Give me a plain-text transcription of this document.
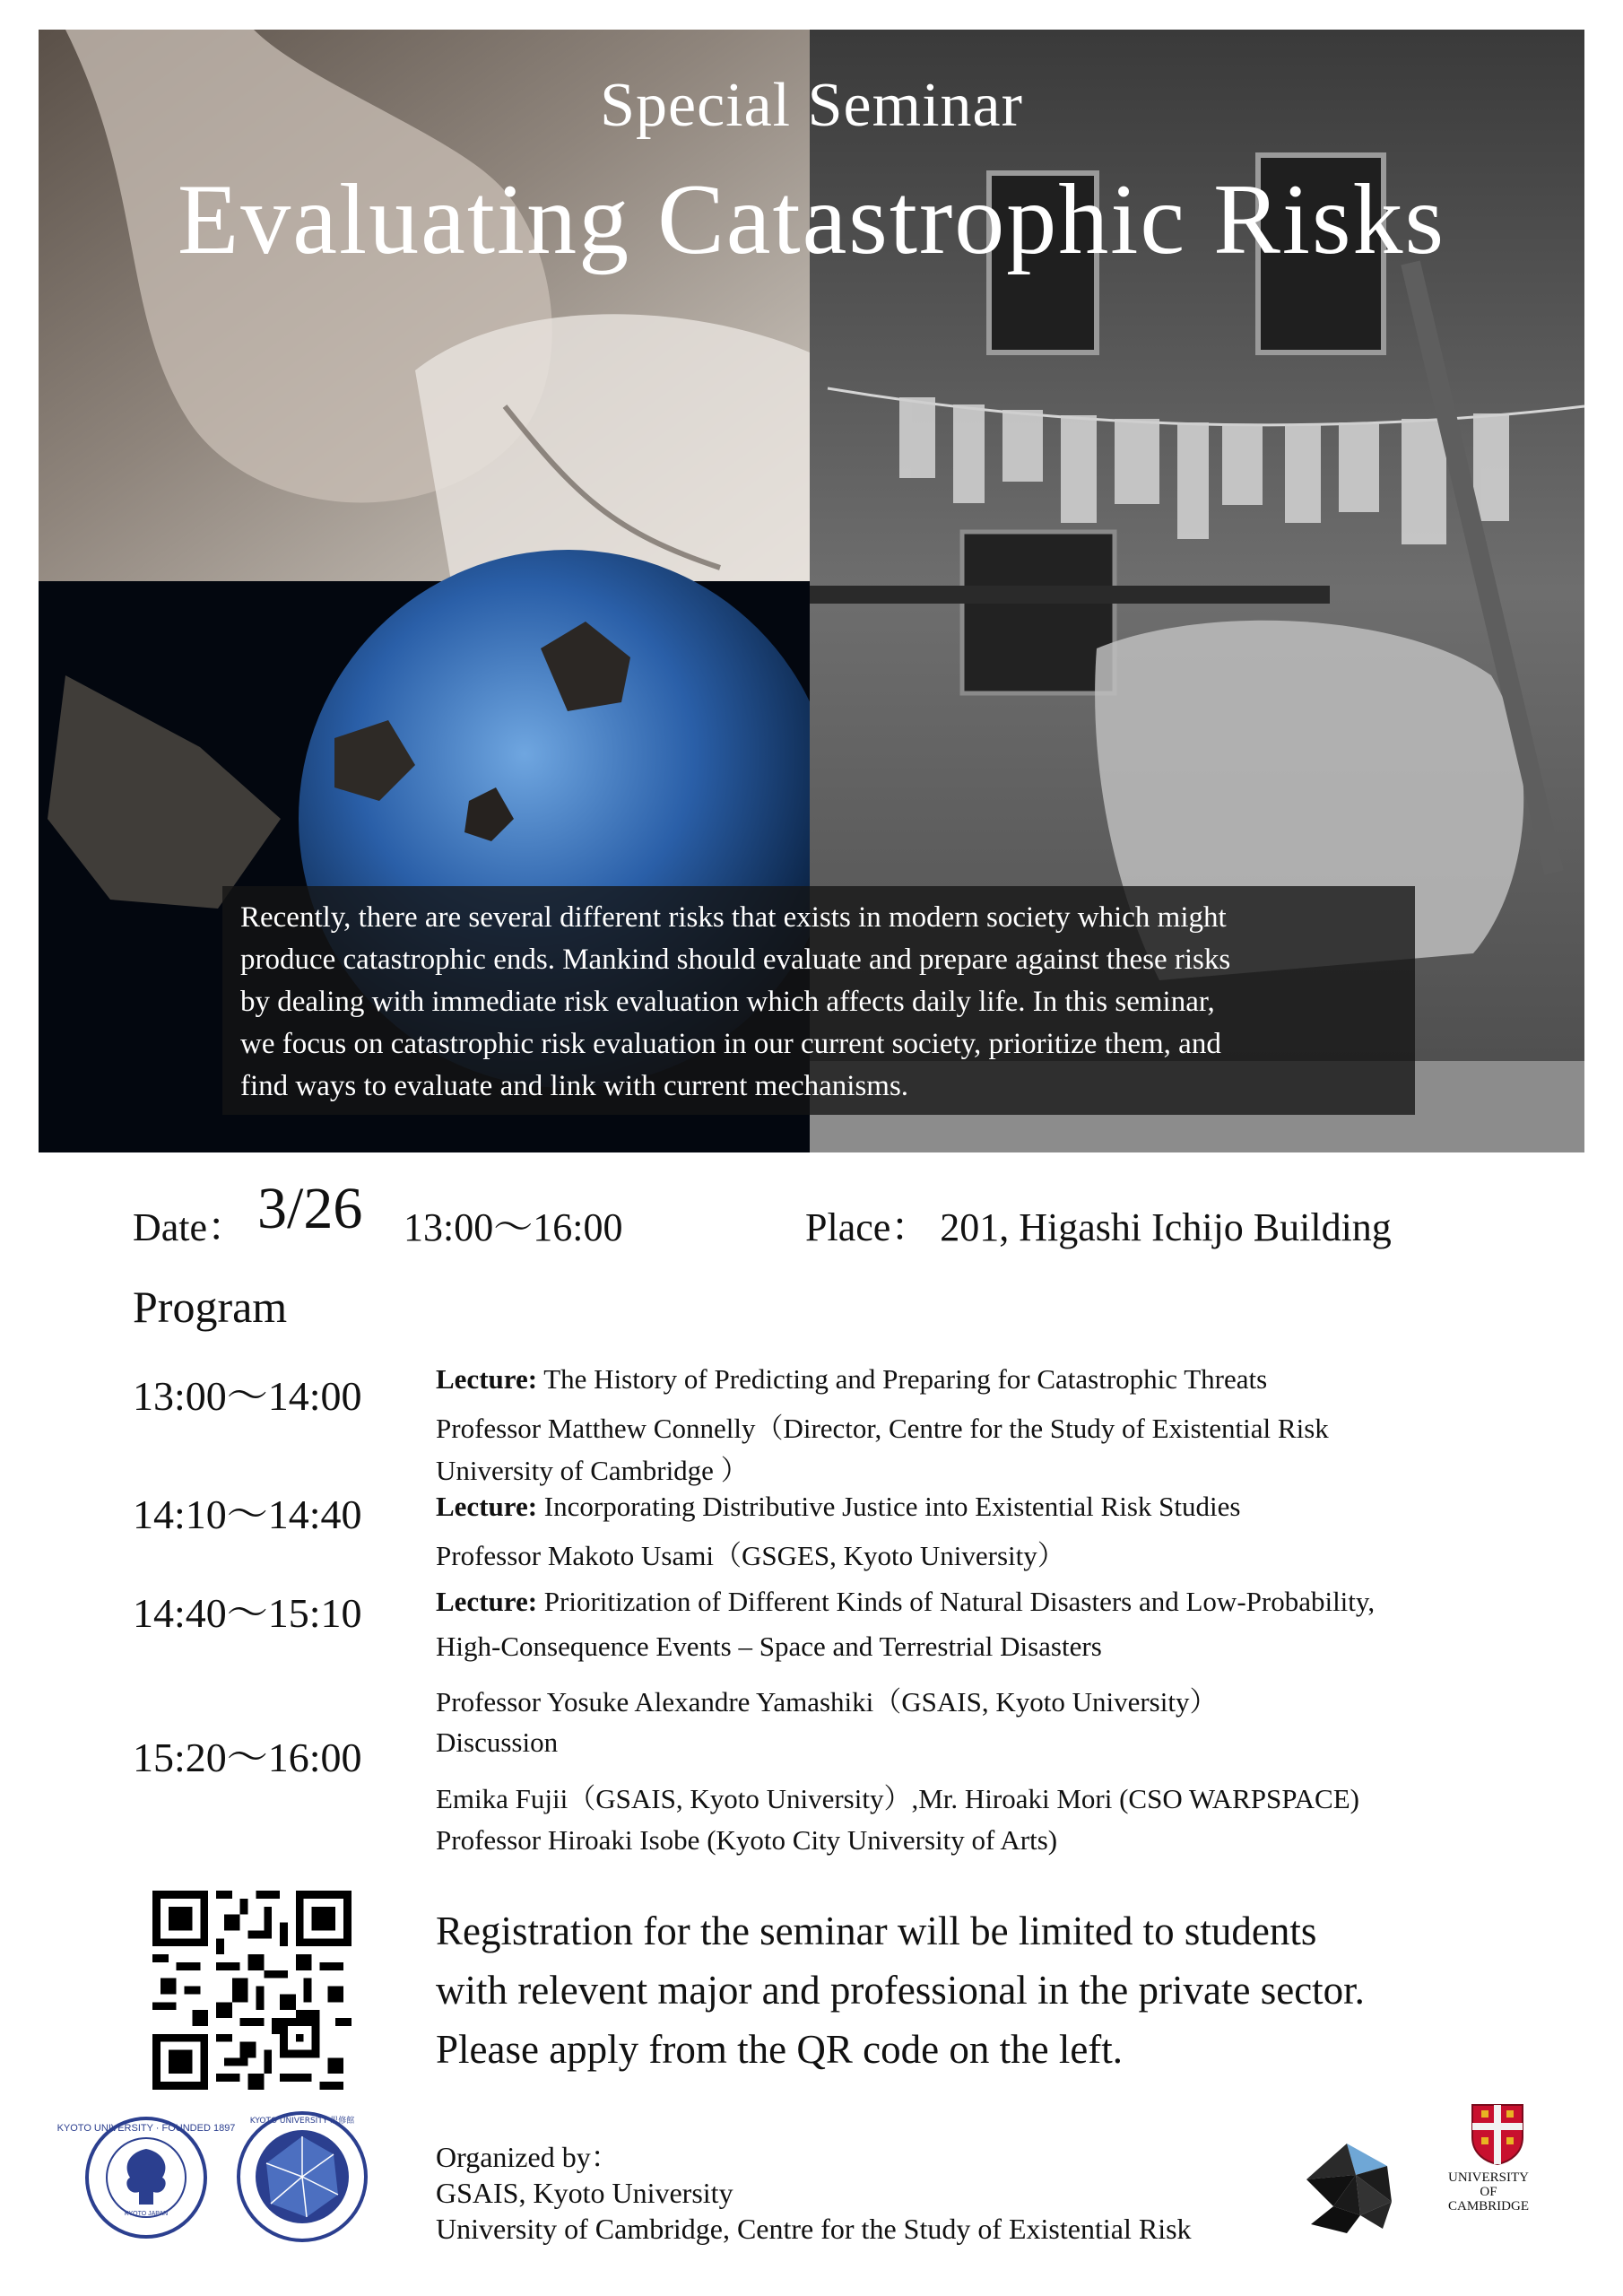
Special Seminar
Evaluating Catastrophic Risks
Recently, there are several different risks that exists in modern society which might
produce catastrophic ends. Mankind should evaluate and prepare against these risks
by dealing with immediate risk evaluation which affects daily life. In this seminar,
we focus on catastrophic risk evaluation in our current society, prioritize them, and
find ways to evaluate and link with current mechanisms.
Date： 3/26 13:00～16:00	Place： 201, Higashi Ichijo Building
Program
13:00～14:00	Lecture: The History of Predicting and Preparing for Catastrophic Threats
Professor Matthew Connelly（Director, Centre for the Study of Existential Risk
University of Cambridge ）
14:10～14:40	Lecture: Incorporating Distributive Justice into Existential Risk Studies
Professor Makoto Usami（GSGES, Kyoto University）
14:40～15:10	Lecture: Prioritization of Different Kinds of Natural Disasters and Low-Probability,
High-Consequence Events – Space and Terrestrial Disasters
Professor Yosuke Alexandre Yamashiki（GSAIS, Kyoto University）
15:20～16:00	Discussion
Emika Fujii（GSAIS, Kyoto University）,Mr. Hiroaki Mori (CSO WARPSPACE)
Professor Hiroaki Isobe (Kyoto City University of Arts)
Registration for the seminar will be limited to students
with relevent major and professional in the private sector.
Please apply from the QR code on the left.
KYOTO UNIVERSITY · FOUNDED 1897
KYOTO JAPAN
KYOTO UNIVERSITY 思修館
Organized by：
GSAIS, Kyoto University
University of Cambridge, Centre for the Study of Existential Risk
UNIVERSITY OF
CAMBRIDGE
